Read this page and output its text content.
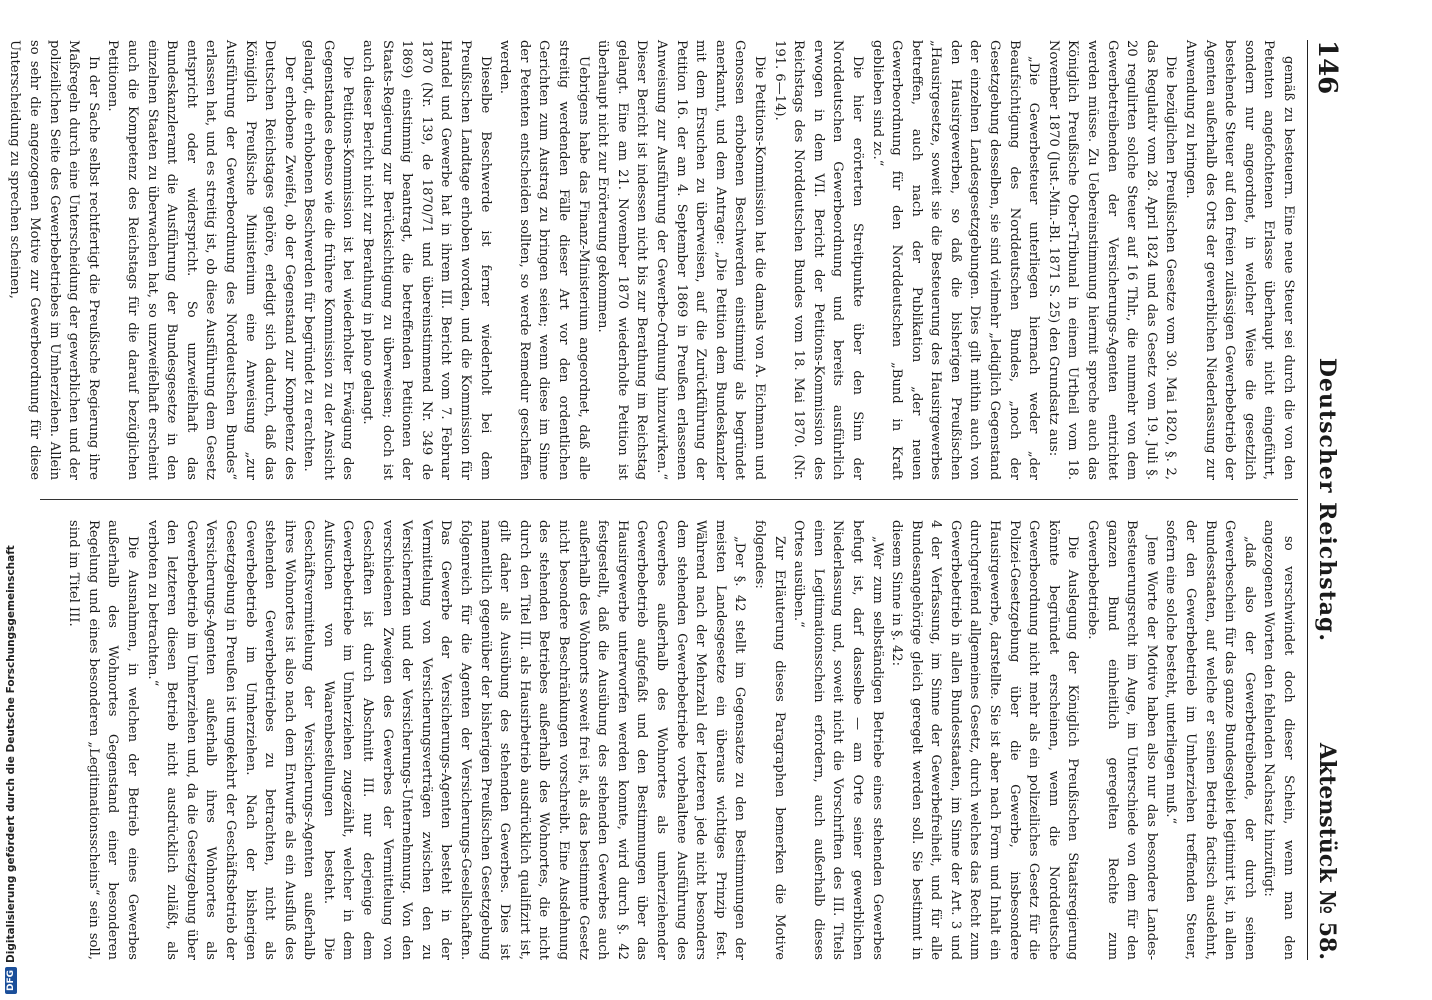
146
Deutscher Reichstag.
Aktenstück № 58.

gemäß zu besteuern. Eine neue Steuer sei durch die von den Petenten angefochtenen Erlasse überhaupt nicht eingeführt, sondern nur angeordnet, in welcher Weise die gesetzlich bestehende Steuer auf den freien zulässigen Gewerbebetrieb der Agenten außerhalb des Orts der gewerblichen Niederlassung zur Anwendung zu bringen.

Die bezüglichen Preußischen Gesetze vom 30. Mai 1820, §. 2, das Regulativ vom 28. April 1824 und das Gesetz vom 19. Juli §. 20 regulirten solche Steuer auf 16 Thlr., die nunmehr von dem Gewerbetreibenden der Versicherungs-Agenten entrichtet werden müsse. Zu Uebereinstimmung hiermit spreche auch das Königlich Preußische Ober-Tribunal in einem Urtheil vom 18. November 1870 (Just.-Min.-Bl. 1871 S. 25) den Grundsatz aus:

„Die Gewerbesteuer unterliegen hiernach weder „der Beaufsichtigung des Norddeutschen Bundes, „noch der Gesetzgebung desselben, sie sind vielmehr „lediglich Gegenstand der einzelnen Landesgesetzgebungen. Dies gilt mithin auch von den Hausirgewerben, so daß die bisherigen Preußischen „Hausirgesetze, soweit sie die Besteuerung des Hausirgewerbes betreffen, auch nach der Publikation „der neuen Gewerbeordnung für den Norddeutschen „Bund in Kraft geblieben sind zc.“

Die hier erörterten Streitpunkte über den Sinn der Norddeutschen Gewerbeordnung und bereits ausführlich erwogen in dem VII. Bericht der Petitions-Kommission des Reichstags des Norddeutschen Bundes vom 18. Mai 1870. (Nr. 191. 6—14).

Die Petitions-Kommission hat die damals von A. Eichmann und Genossen erhobenen Beschwerden einstimmig als begründet anerkannt, und dem Antrage: „Die Petition dem Bundeskanzler mit dem Ersuchen zu überweisen, auf die Zurückführung der Petition 16. der am 4. September 1869 in Preußen erlassenen Anweisung zur Ausführung der Gewerbe-Ordnung hinzuwirken.“ Dieser Bericht ist indessen nicht bis zur Berathung im Reichstag gelangt. Eine am 21. November 1870 wiederholte Petition ist überhaupt nicht zur Erörterung gekommen.

Uebrigens habe das Finanz-Ministerium angeordnet, daß alle streitig werdenden Fälle dieser Art vor den ordentlichen Gerichten zum Austrag zu bringen seien; wenn diese im Sinne der Petenten entscheiden sollten, so werde Remedur geschaffen werden.

Dieselbe Beschwerde ist ferner wiederholt bei dem Preußischen Landtage erhoben worden, und die Kommission für Handel und Gewerbe hat in ihrem III. Bericht vom 7. Februar 1870 (Nr. 139, de 1870/71 und übereinstimmend Nr. 349 de 1869) einstimmig beantragt, die betreffenden Petitionen der Staats-Regierung zur Berücksichtigung zu überweisen; doch ist auch dieser Bericht nicht zur Berathung in plano gelangt.

Die Petitions-Kommission ist bei wiederholter Erwägung des Gegenstandes ebenso wie die frühere Kommission zu der Ansicht gelangt, die erhobenen Beschwerden für begründet zu erachten.

Der erhobene Zweifel, ob der Gegenstand zur Kompetenz des Deutschen Reichstages gehöre, erledigt sich dadurch, daß das Königlich Preußische Ministerium eine Anweisung „zur Ausführung der Gewerbeordnung des Norddeutschen Bundes“ erlassen hat, und es streitig ist, ob diese Ausführung dem Gesetz entspricht oder widerspricht. So unzweifelhaft das Bundeskanzleramt die Ausführung der Bundesgesetze in den einzelnen Staaten zu überwachen hat, so unzweifelhaft erscheint auch die Kompetenz des Reichstags für die darauf bezüglichen Petitionen.

In der Sache selbst rechtfertigt die Preußische Regierung ihre Maßregeln durch eine Unterscheidung der gewerblichen und der polizeilichen Seite des Gewerbebetriebes im Umherziehen. Allein so sehr die angezogenen Motive zur Gewerbeordnung für diese Unterscheidung zu sprechen scheinen,

so verschwindet doch dieser Schein, wenn man den angezogenen Worten den fehlenden Nachsatz hinzufügt:

„daß also der Gewerbetreibende, der durch seinen Gewerbeschein für das ganze Bundesgebiet legitimirt ist, in allen Bundesstaaten, auf welche er seinen Betrieb factisch ausdehnt, der den Gewerbebetrieb im Umherziehen treffenden Steuer, sofern eine solche besteht, unterliegen muß.“

Jene Worte der Motive haben also nur das besondere Landes-Besteuerungsrecht im Auge, im Unterschiede von dem für den ganzen Bund einheitlich geregelten Rechte zum Gewerbebetriebe.

Die Auslegung der Königlich Preußischen Staatsregierung könnte begründet erscheinen, wenn die Norddeutsche Gewerbeordnung nicht mehr als ein polizeiliches Gesetz für die Polizei-Gesetzgebung über die Gewerbe, insbesondere Hausirgewerbe, darstellte. Sie ist aber nach Form und Inhalt ein durchgreifend allgemeines Gesetz, durch welches das Recht zum Gewerbebetrieb in allen Bundesstaaten, im Sinne der Art. 3 und 4 der Verfassung, im Sinne der Gewerbefreiheit, und für alle Bundesangehörige gleich geregelt werden soll. Sie bestimmt in diesem Sinne in §. 42:

„Wer zum selbständigen Betriebe eines stehenden Gewerbes befugt ist, darf dasselbe — am Orte seiner gewerblichen Niederlassung und, soweit nicht die Vorschriften des III. Titels einen Legitimationsschein erfordern, auch außerhalb dieses Ortes ausüben.“

Zur Erläuterung dieses Paragraphen bemerken die Motive folgendes:

„Der §. 42 stellt im Gegensatze zu den Bestimmungen der meisten Landesgesetze ein überaus wichtiges Prinzip fest. Während nach der Mehrzahl der letzteren jede nicht besonders dem stehenden Gewerbebetriebe vorbehaltene Ausführung des Gewerbes außerhalb des Wohnortes als umherziehender Gewerbebetrieb aufgefaßt und den Bestimmungen über das Hausirgewerbe unterworfen werden konnte, wird durch §. 42 festgestellt, daß die Ausübung des stehenden Gewerbes auch außerhalb des Wohnorts soweit frei ist, als das bestimmte Gesetz nicht besondere Beschränkungen vorschreibt. Eine Ausdehnung des stehenden Betriebes außerhalb des Wohnortes, die nicht durch den Titel III. als Hausirbetrieb ausdrücklich qualifizirt ist, gilt daher als Ausübung des stehenden Gewerbes. Dies ist namentlich gegenüber der bisherigen Preußischen Gesetzgebung folgenreich für die Agenten der Versicherungs-Gesellschaften. Das Gewerbe der Versicherungs-Agenten besteht in der Vermittelung von Versicherungsverträgen zwischen den zu Versichernden und der Versicherungs-Unternehmung. Von den verschiedenen Zweigen des Gewerbes der Vermittelung von Geschäften ist durch Abschnitt III. nur derjenige dem Gewerbebetriebe im Umherziehen zugezählt, welcher in dem Aufsuchen von Waarenbestellungen besteht. Die Geschäftsvermittelung der Versicherungs-Agenten außerhalb ihres Wohnortes ist also nach dem Entwurfe als ein Ausfluß des stehenden Gewerbebetriebes zu betrachten, nicht als Gewerbebetrieb im Umherziehen. Nach der bisherigen Gesetzgebung in Preußen ist umgekehrt der Geschäftsbetrieb der Versicherungs-Agenten außerhalb ihres Wohnortes als Gewerbebetrieb im Umherziehen und, da die Gesetzgebung über den letzteren diesen Betrieb nicht ausdrücklich zuläßt, als verboten zu betrachten.“

Die Ausnahmen, in welchen der Betrieb eines Gewerbes außerhalb des Wohnortes Gegenstand einer besonderen Regelung und eines besonderen „Legitimationsscheins“ sein soll, sind im Titel III.

DFG
Digitalisierung gefördert durch die Deutsche Forschungsgemeinschaft
